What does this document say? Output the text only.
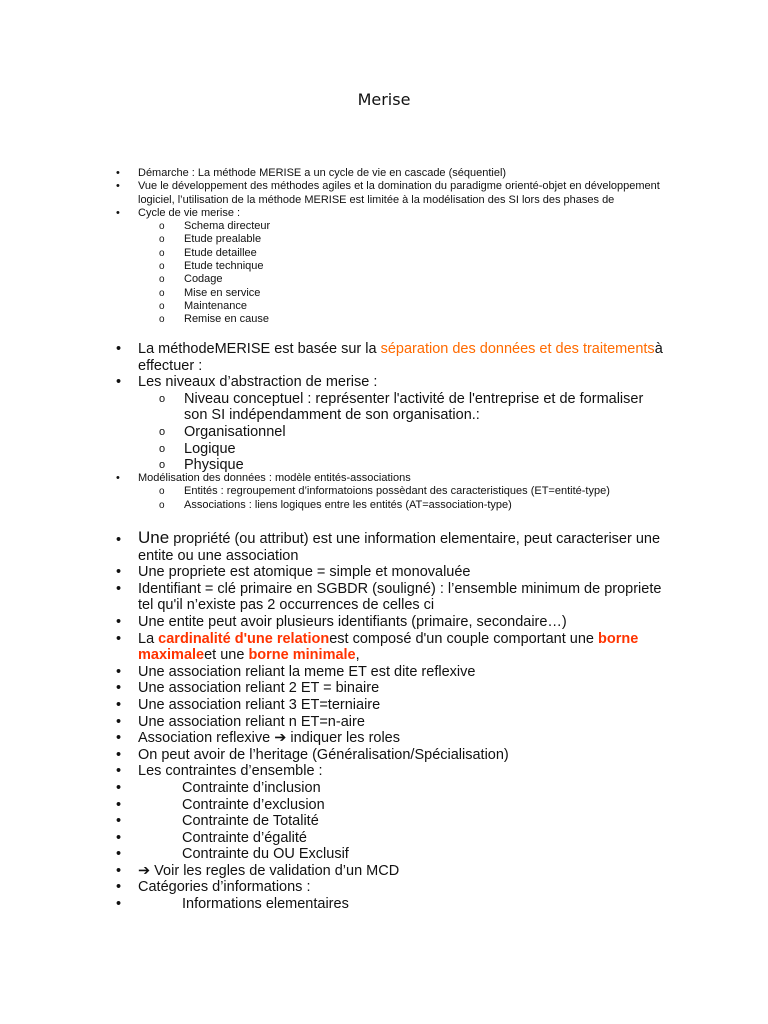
Merise
• Démarche : La méthode MERISE a un cycle de vie en cascade (séquentiel)
• Vue le développement des méthodes agiles et la domination du paradigme orienté-objet en développement logiciel, l’utilisation de la méthode MERISE est limitée à la modélisation des SI lors des phases de
• Cycle de vie merise :
o Schema directeur
o Etude prealable
o Etude detaillee
o Etude technique
o Codage
o Mise en service
o Maintenance
o Remise en cause
• La méthodeMERISE est basée sur la séparation des données et des traitementsà effectuer :
• Les niveaux d’abstraction de merise :
o Niveau conceptuel : représenter l'activité de l'entreprise et de formaliser son SI indépendamment de son organisation.:
o Organisationnel
o Logique
o Physique
• Modélisation des données : modèle entités-associations
o Entités : regroupement d’informatoions possèdant des caracteristiques (ET=entité-type)
o Associations : liens logiques entre les entités (AT=association-type)
• Une propriété (ou attribut) est une information elementaire, peut caracteriser une entite ou une association
• Une propriete est atomique = simple et monovaluée
• Identifiant = clé primaire en SGBDR (souligné) : l’ensemble minimum de propriete tel qu'il n’existe pas 2 occurrences de celles ci
• Une entite peut avoir plusieurs identifiants (primaire, secondaire…)
• La cardinalité d'une relationest composé d'un couple comportant une borne maximaleet une borne minimale,
• Une association reliant la meme ET est dite reflexive
• Une association reliant 2 ET = binaire
• Une association reliant 3 ET=terniaire
• Une association reliant n ET=n-aire
• Association reflexive ➔ indiquer les roles
• On peut avoir de l’heritage (Généralisation/Spécialisation)
• Les contraintes d’ensemble :
•	Contrainte d’inclusion
•	Contrainte d’exclusion
•	Contrainte de Totalité
•	Contrainte d’égalité
•	Contrainte du OU Exclusif
• ➔ Voir les regles de validation d’un MCD
• Catégories d’informations :
•	Informations elementaires
